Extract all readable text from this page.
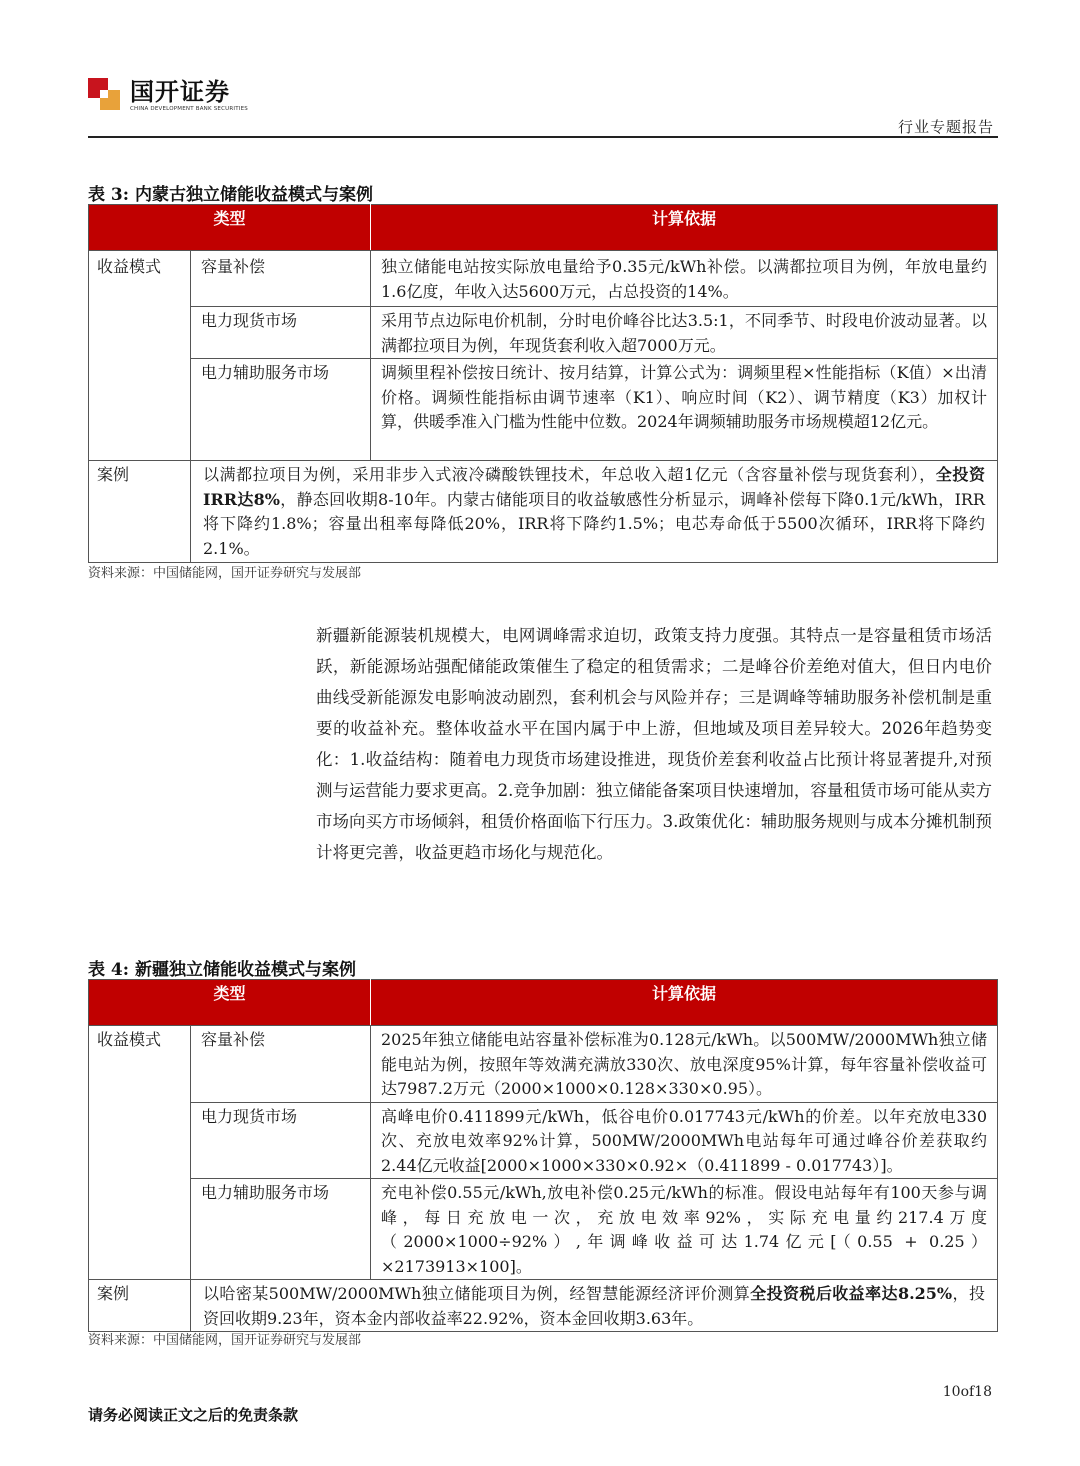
国开证券
CHINA DEVELOPMENT BANK SECURITIES
行业专题报告
表 3: 内蒙古独立储能收益模式与案例
类型		计算依据
收益模式	容量补偿	独立储能电站按实际放电量给予0.35元/kWh补偿。以满都拉项目为例，年放电量约1.6亿度，年收入达5600万元，占总投资的14%。
	电力现货市场	采用节点边际电价机制，分时电价峰谷比达3.5:1，不同季节、时段电价波动显著。以满都拉项目为例，年现货套利收入超7000万元。
	电力辅助服务市场	调频里程补偿按日统计、按月结算，计算公式为：调频里程×性能指标（K值）×出清价格。调频性能指标由调节速率（K1）、响应时间（K2）、调节精度（K3）加权计算，供暖季准入门槛为性能中位数。2024年调频辅助服务市场规模超12亿元。
案例	以满都拉项目为例，采用非步入式液冷磷酸铁锂技术，年总收入超1亿元（含容量补偿与现货套利），全投资IRR达8%，静态回收期8-10年。内蒙古储能项目的收益敏感性分析显示，调峰补偿每下降0.1元/kWh，IRR将下降约1.8%；容量出租率每降低20%，IRR将下降约1.5%；电芯寿命低于5500次循环，IRR将下降约2.1%。	
资料来源：中国储能网，国开证券研究与发展部
新疆新能源装机规模大，电网调峰需求迫切，政策支持力度强。其特点一是容量租赁市场活跃，新能源场站强配储能政策催生了稳定的租赁需求；二是峰谷价差绝对值大，但日内电价曲线受新能源发电影响波动剧烈，套利机会与风险并存；三是调峰等辅助服务补偿机制是重要的收益补充。整体收益水平在国内属于中上游，但地域及项目差异较大。2026年趋势变化：1.收益结构：随着电力现货市场建设推进，现货价差套利收益占比预计将显著提升,对预测与运营能力要求更高。2.竞争加剧：独立储能备案项目快速增加，容量租赁市场可能从卖方市场向买方市场倾斜，租赁价格面临下行压力。3.政策优化：辅助服务规则与成本分摊机制预计将更完善，收益更趋市场化与规范化。
表 4: 新疆独立储能收益模式与案例
类型		计算依据
收益模式	容量补偿	2025年独立储能电站容量补偿标准为0.128元/kWh。以500MW/2000MWh独立储能电站为例，按照年等效满充满放330次、放电深度95%计算，每年容量补偿收益可达7987.2万元（2000×1000×0.128×330×0.95）。
	电力现货市场	高峰电价0.411899元/kWh，低谷电价0.017743元/kWh的价差。以年充放电330次、充放电效率92%计算，500MW/2000MWh电站每年可通过峰谷价差获取约2.44亿元收益[2000×1000×330×0.92×（0.411899 - 0.017743）]。
	电力辅助服务市场	充电补偿0.55元/kWh,放电补偿0.25元/kWh的标准。假设电站每年有100天参与调峰，每日充放电一次，充放电效率92%，实际充电量约217.4万度（2000×1000÷92%）,年调峰收益可达1.74亿元[（0.55 + 0.25）×2173913×100]。
案例	以哈密某500MW/2000MWh独立储能项目为例，经智慧能源经济评价测算全投资税后收益率达8.25%，投资回收期9.23年，资本金内部收益率22.92%，资本金回收期3.63年。	
资料来源：中国储能网，国开证券研究与发展部
10of18
请务必阅读正文之后的免责条款
